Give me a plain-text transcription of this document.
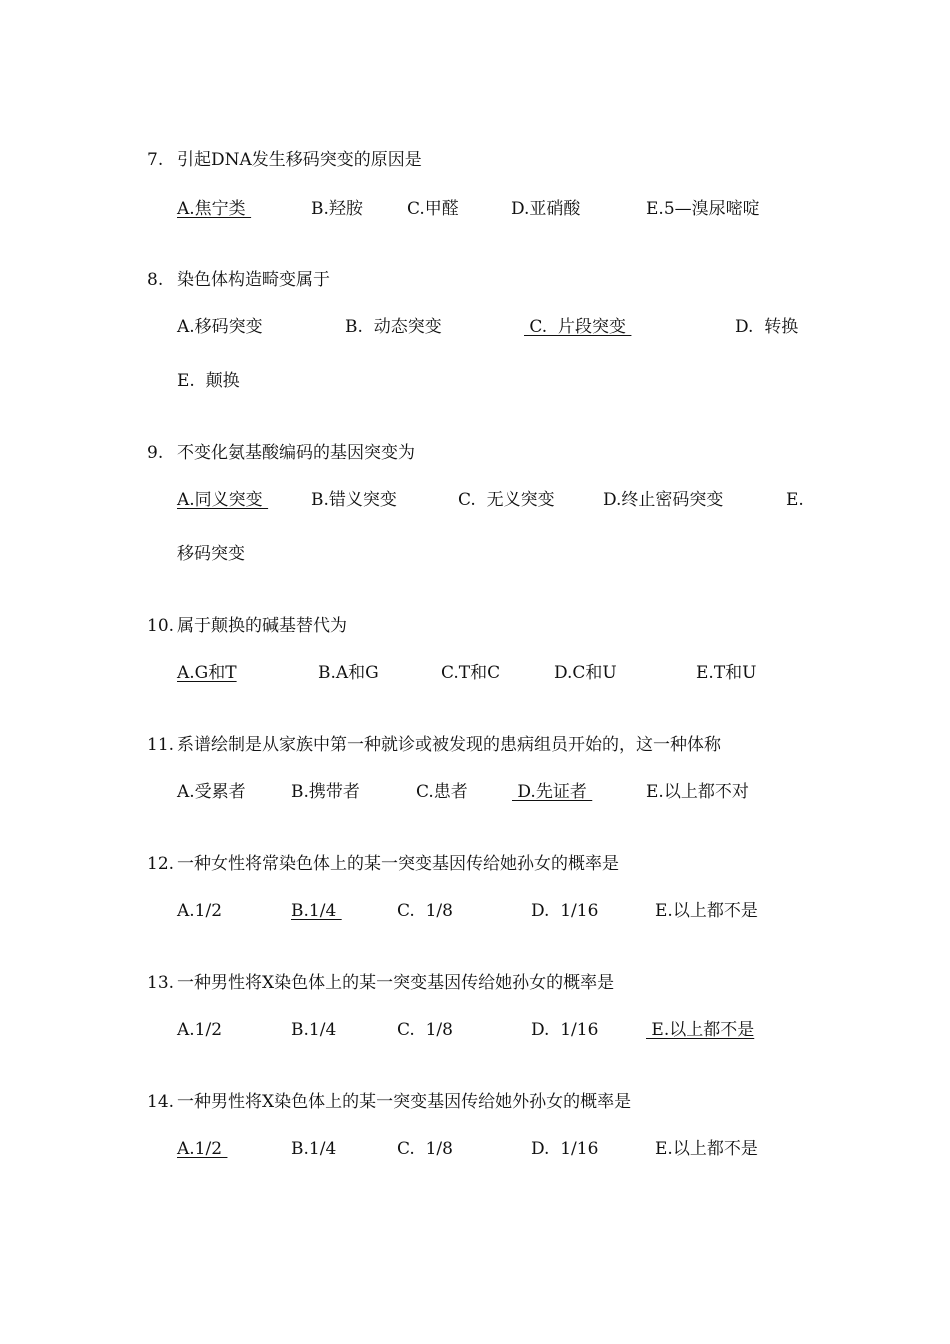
7. 引起DNA发生移码突变的原因是
A.焦宁类	B.羟胺	C.甲醛	D.亚硝酸	E.5—溴尿嘧啶
8. 染色体构造畸变属于
A.移码突变	B.  动态突变	C.  片段突变	D.  转换
E.  颠换
9. 不变化氨基酸编码的基因突变为
A.同义突变	B.错义突变	C.  无义突变	D.终止密码突变	E.
移码突变
10. 属于颠换的碱基替代为
A.G和T	B.A和G	C.T和C	D.C和U	E.T和U
11. 系谱绘制是从家族中第一种就诊或被发现的患病组员开始的，这一种体称
A.受累者	B.携带者	C.患者	D.先证者	E.以上都不对
12. 一种女性将常染色体上的某一突变基因传给她孙女的概率是
A.1/2	B.1/4	C.  1/8	D.  1/16	E.以上都不是
13. 一种男性将X染色体上的某一突变基因传给她孙女的概率是
A.1/2	B.1/4	C.  1/8	D.  1/16	E.以上都不是
14. 一种男性将X染色体上的某一突变基因传给她外孙女的概率是
A.1/2	B.1/4	C.  1/8	D.  1/16	E.以上都不是
